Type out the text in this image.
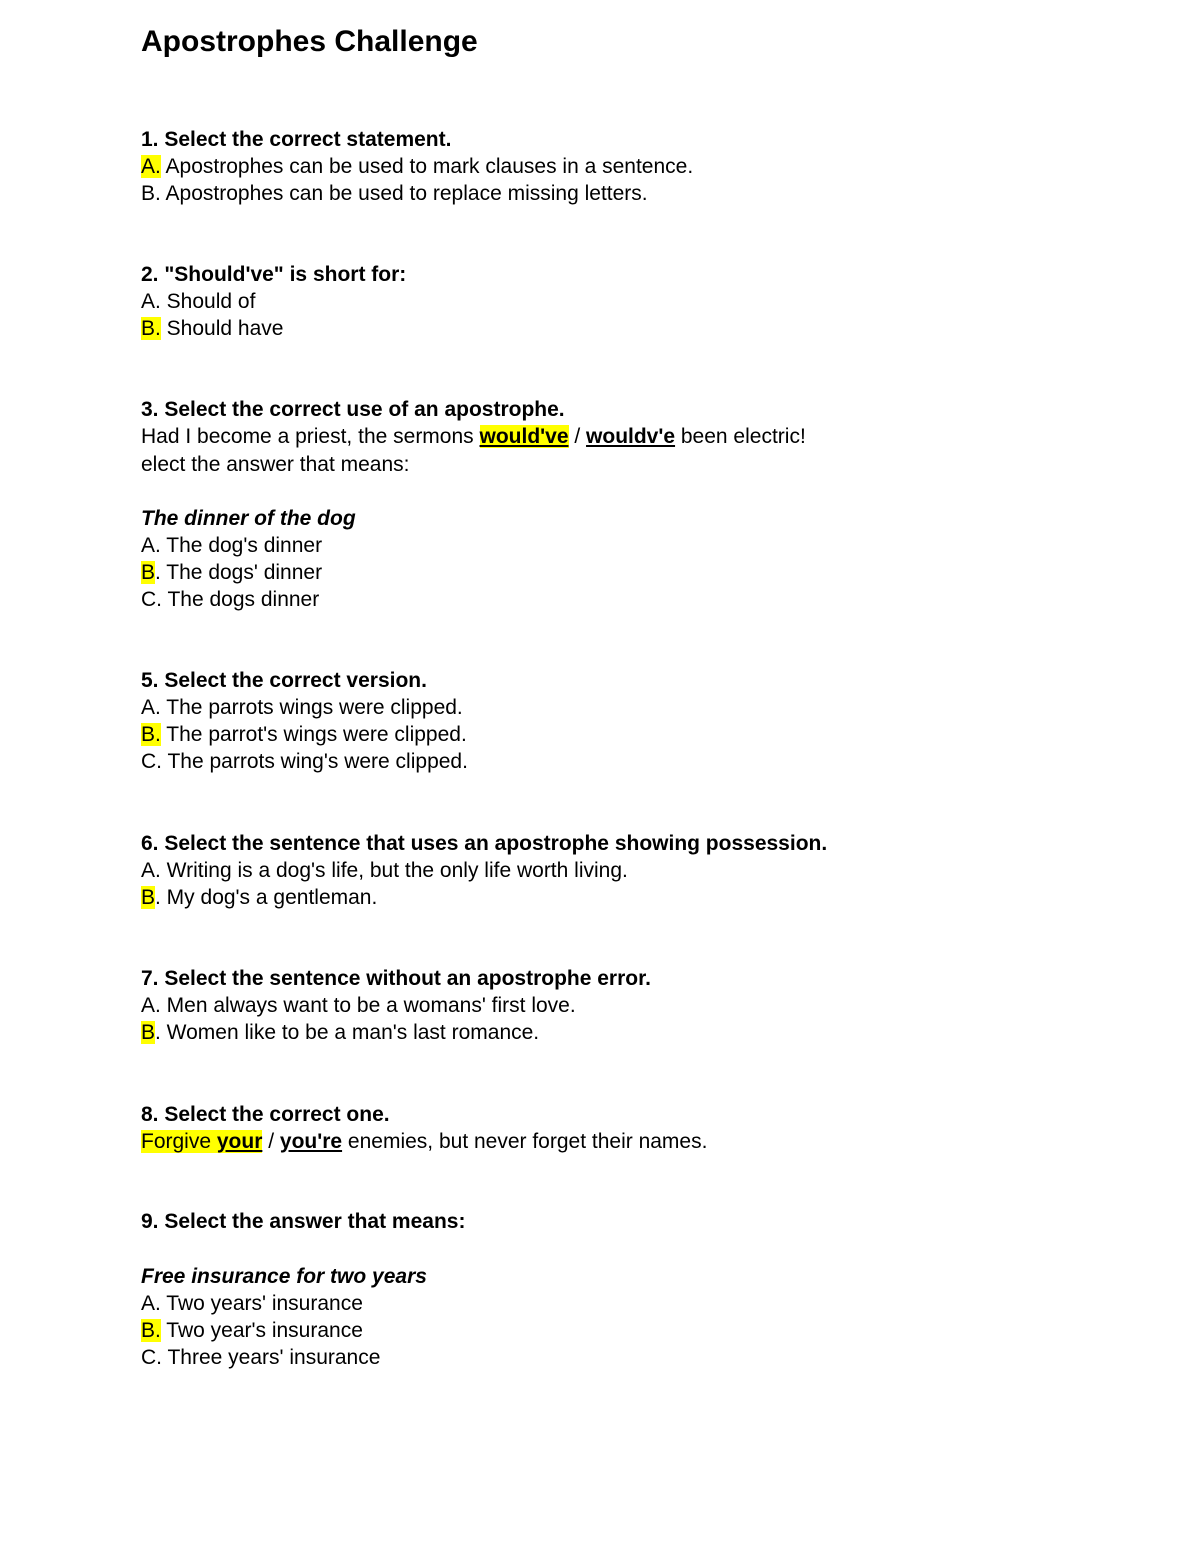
Apostrophes Challenge
1. Select the correct statement.
A. Apostrophes can be used to mark clauses in a sentence.
B. Apostrophes can be used to replace missing letters.
2. "Should've" is short for:
A. Should of
B. Should have
3. Select the correct use of an apostrophe.
Had I become a priest, the sermons would've / wouldv'e been electric!
elect the answer that means:
The dinner of the dog
A. The dog's dinner
B. The dogs' dinner
C. The dogs dinner
5. Select the correct version.
A. The parrots wings were clipped.
B. The parrot's wings were clipped.
C. The parrots wing's were clipped.
6. Select the sentence that uses an apostrophe showing possession.
A. Writing is a dog's life, but the only life worth living.
B. My dog's a gentleman.
7. Select the sentence without an apostrophe error.
A. Men always want to be a womans' first love.
B. Women like to be a man's last romance.
8. Select the correct one.
Forgive your / you're enemies, but never forget their names.
9. Select the answer that means:
Free insurance for two years
A. Two years' insurance
B. Two year's insurance
C. Three years' insurance
